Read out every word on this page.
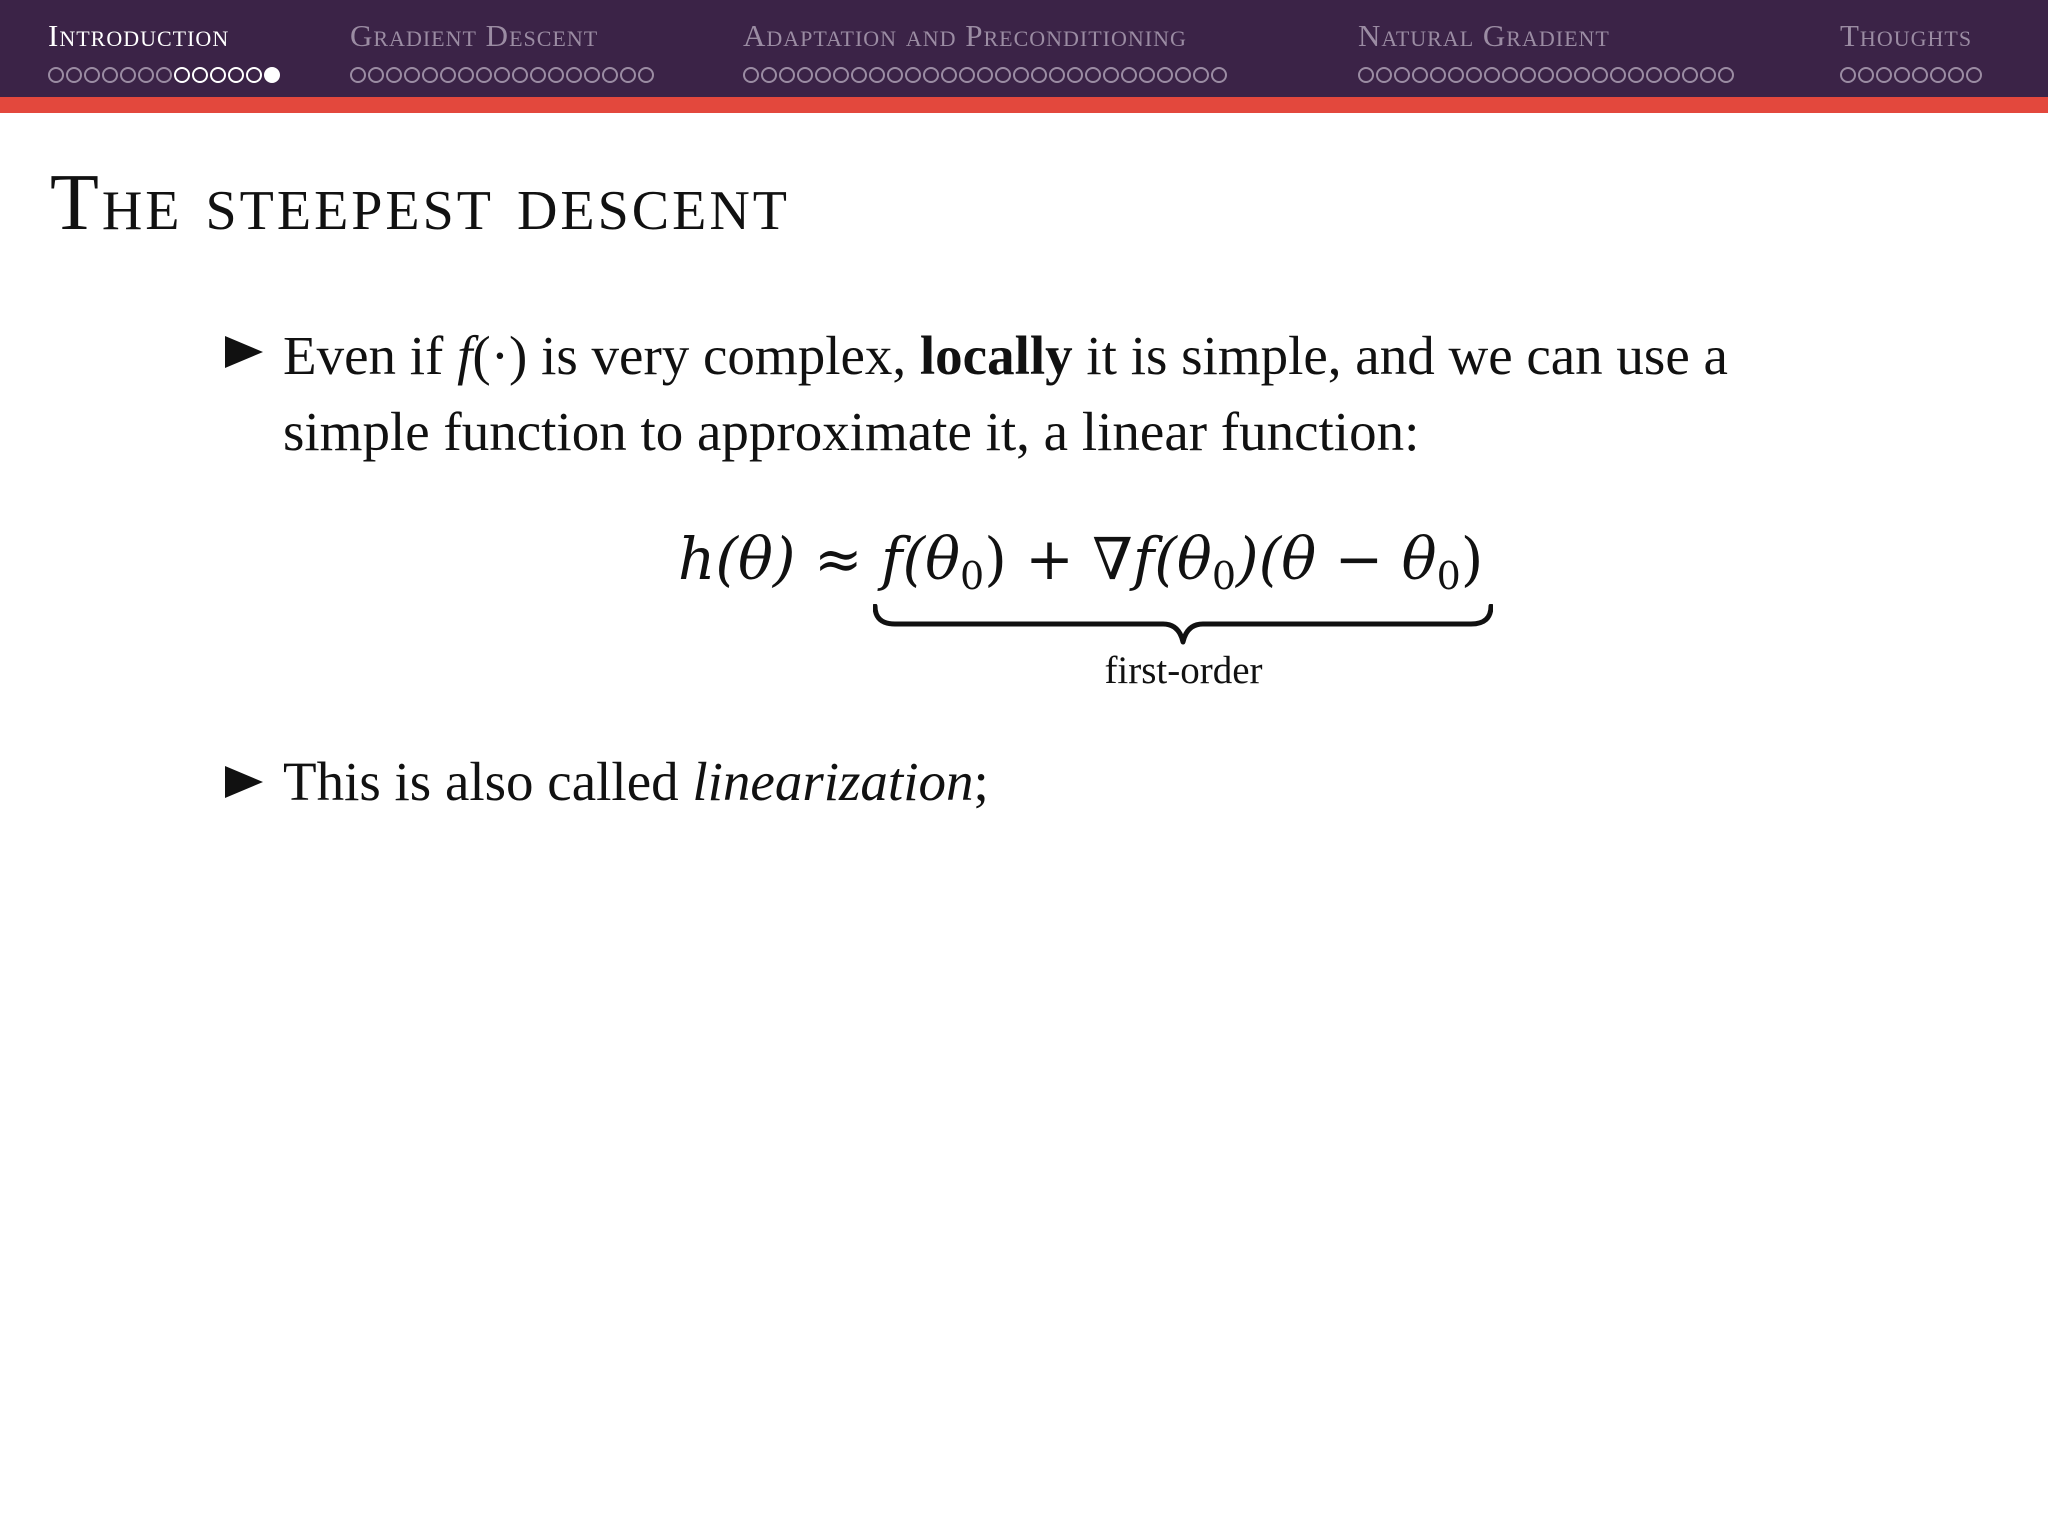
Introduction	Gradient Descent	Adaptation and Preconditioning	Natural Gradient	Thoughts
The steepest descent
Even if f(·) is very complex, locally it is simple, and we can use a simple function to approximate it, a linear function:
$h(\theta) \approx f(\theta_0) + \nabla f(\theta_0)(\theta - \theta_0)$
first-order
This is also called linearization;
